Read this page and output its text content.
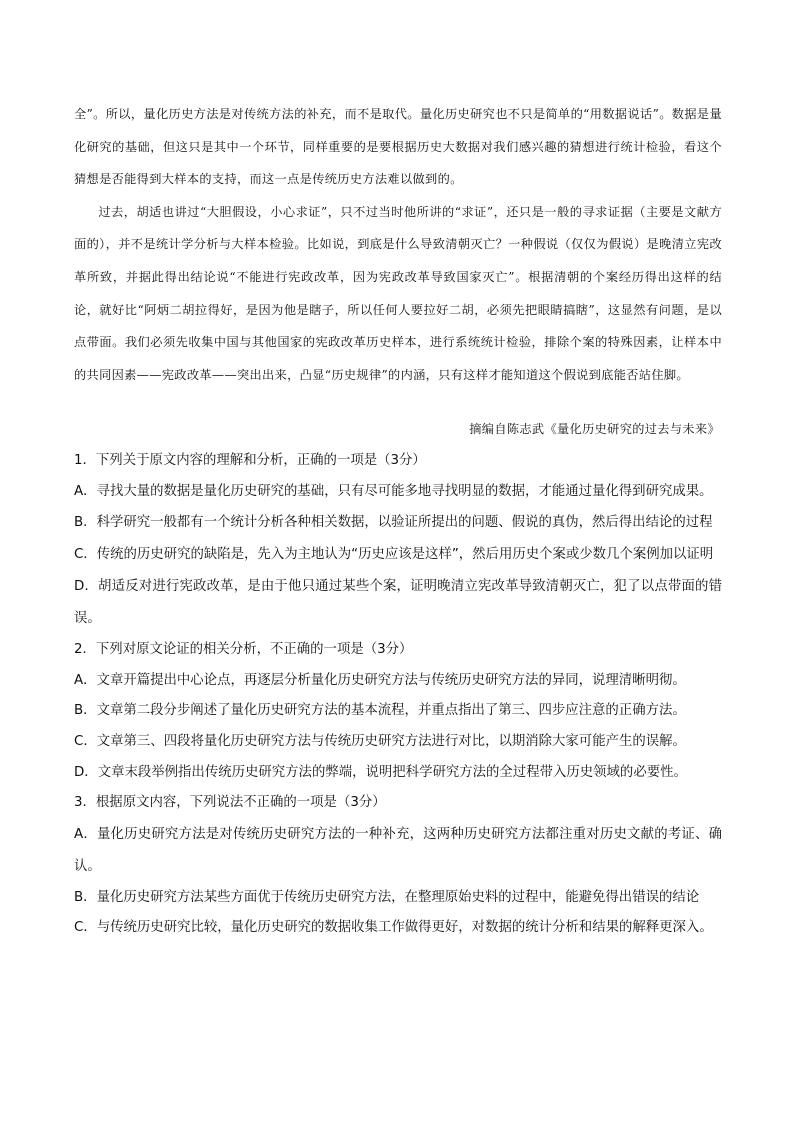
全”。所以，量化历史方法是对传统方法的补充，而不是取代。量化历史研究也不只是简单的“用数据说话”。数据是量化研究的基础，但这只是其中一个环节，同样重要的是要根据历史大数据对我们感兴趣的猜想进行统计检验，看这个猜想是否能得到大样本的支持，而这一点是传统历史方法难以做到的。

过去，胡适也讲过“大胆假设，小心求证”，只不过当时他所讲的“求证”，还只是一般的寻求证据（主要是文献方面的），并不是统计学分析与大样本检验。比如说，到底是什么导致清朝灭亡？一种假说（仅仅为假说）是晚清立宪改革所致，并据此得出结论说“不能进行宪政改革，因为宪政改革导致国家灭亡”。根据清朝的个案经历得出这样的结论，就好比“阿炳二胡拉得好，是因为他是瞎子，所以任何人要拉好二胡，必须先把眼睛搞瞎”，这显然有问题，是以点带面。我们必须先收集中国与其他国家的宪政改革历史样本，进行系统统计检验，排除个案的特殊因素，让样本中的共同因素——宪政改革——突出出来，凸显“历史规律”的内涵，只有这样才能知道这个假说到底能否站住脚。

摘编自陈志武《量化历史研究的过去与未来》

1．下列关于原文内容的理解和分析，正确的一项是（3分）

A．寻找大量的数据是量化历史研究的基础，只有尽可能多地寻找明显的数据，才能通过量化得到研究成果。

B．科学研究一般都有一个统计分析各种相关数据，以验证所提出的问题、假说的真伪，然后得出结论的过程

C．传统的历史研究的缺陷是，先入为主地认为“历史应该是这样”，然后用历史个案或少数几个案例加以证明

D．胡适反对进行宪政改革，是由于他只通过某些个案，证明晚清立宪改革导致清朝灭亡，犯了以点带面的错误。

2．下列对原文论证的相关分析，不正确的一项是（3分）

A．文章开篇提出中心论点，再逐层分析量化历史研究方法与传统历史研究方法的异同，说理清晰明彻。

B．文章第二段分步阐述了量化历史研究方法的基本流程，并重点指出了第三、四步应注意的正确方法。

C．文章第三、四段将量化历史研究方法与传统历史研究方法进行对比，以期消除大家可能产生的误解。

D．文章末段举例指出传统历史研究方法的弊端，说明把科学研究方法的全过程带入历史领域的必要性。

3．根据原文内容，下列说法不正确的一项是（3分）

A．量化历史研究方法是对传统历史研究方法的一种补充，这两种历史研究方法都注重对历史文献的考证、确认。

B．量化历史研究方法某些方面优于传统历史研究方法，在整理原始史料的过程中，能避免得出错误的结论

C．与传统历史研究比较，量化历史研究的数据收集工作做得更好，对数据的统计分析和结果的解释更深入。
